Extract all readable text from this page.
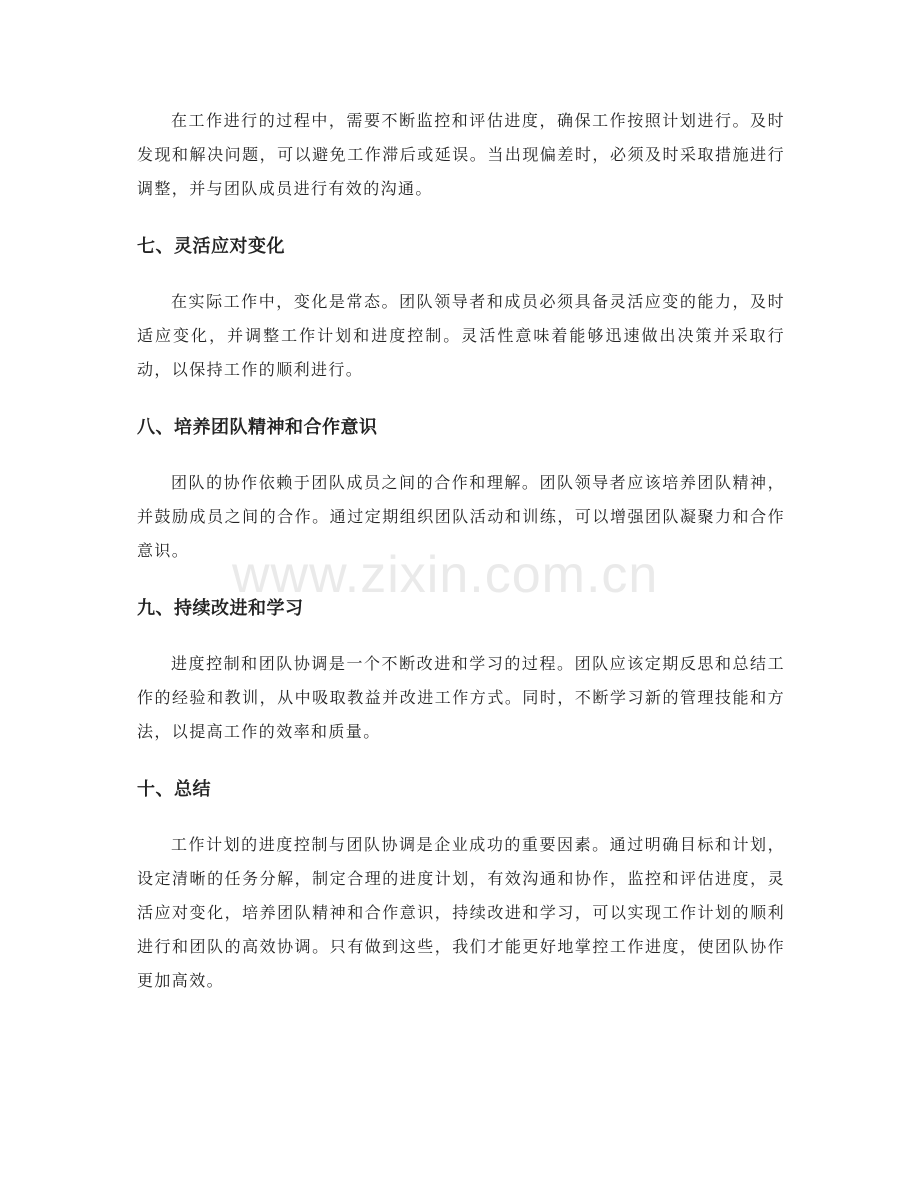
在工作进行的过程中，需要不断监控和评估进度，确保工作按照计划进行。及时发现和解决问题，可以避免工作滞后或延误。当出现偏差时，必须及时采取措施进行调整，并与团队成员进行有效的沟通。

七、灵活应对变化

在实际工作中，变化是常态。团队领导者和成员必须具备灵活应变的能力，及时适应变化，并调整工作计划和进度控制。灵活性意味着能够迅速做出决策并采取行动，以保持工作的顺利进行。

八、培养团队精神和合作意识

团队的协作依赖于团队成员之间的合作和理解。团队领导者应该培养团队精神，并鼓励成员之间的合作。通过定期组织团队活动和训练，可以增强团队凝聚力和合作意识。

九、持续改进和学习

进度控制和团队协调是一个不断改进和学习的过程。团队应该定期反思和总结工作的经验和教训，从中吸取教益并改进工作方式。同时，不断学习新的管理技能和方法，以提高工作的效率和质量。

十、总结

工作计划的进度控制与团队协调是企业成功的重要因素。通过明确目标和计划，设定清晰的任务分解，制定合理的进度计划，有效沟通和协作，监控和评估进度，灵活应对变化，培养团队精神和合作意识，持续改进和学习，可以实现工作计划的顺利进行和团队的高效协调。只有做到这些，我们才能更好地掌控工作进度，使团队协作更加高效。

www.zixin.com.cn
